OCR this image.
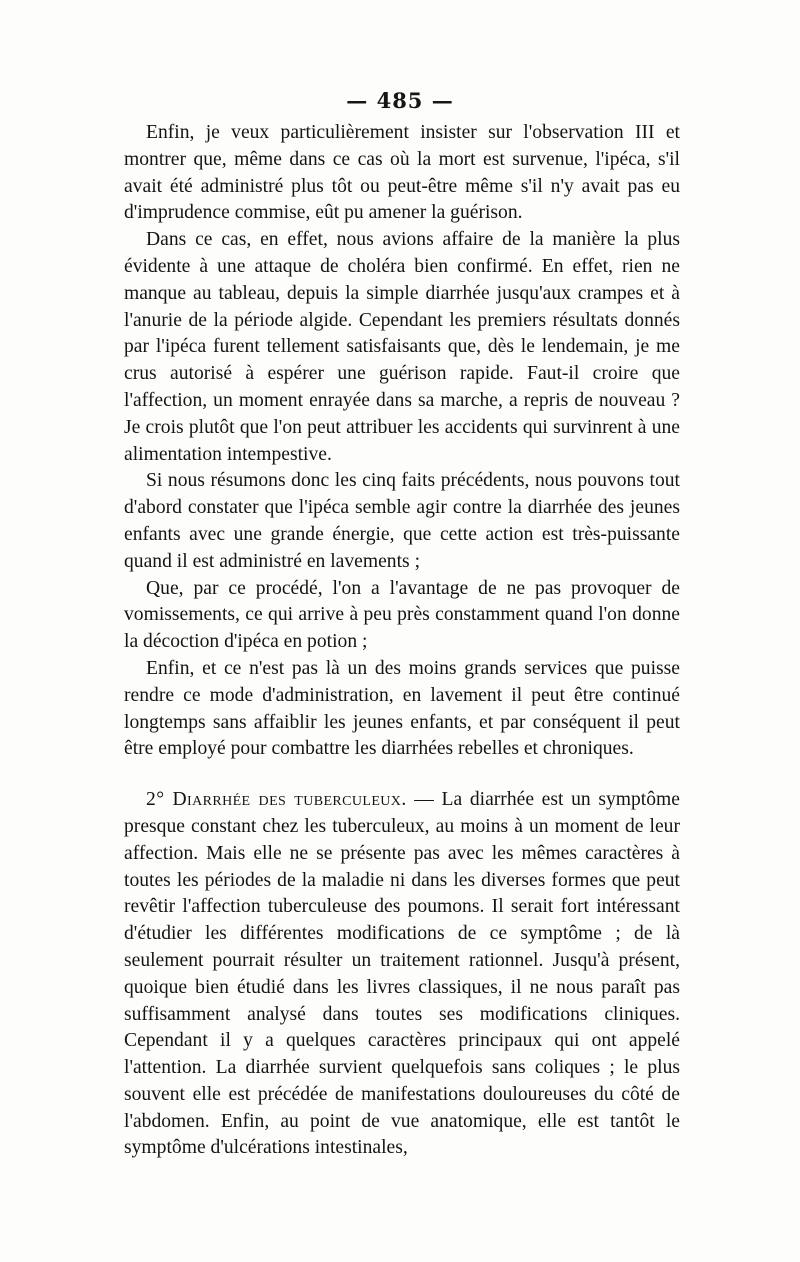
— 485 —

Enfin, je veux particulièrement insister sur l'observation III et montrer que, même dans ce cas où la mort est survenue, l'ipéca, s'il avait été administré plus tôt ou peut-être même s'il n'y avait pas eu d'imprudence commise, eût pu amener la guérison.

Dans ce cas, en effet, nous avions affaire de la manière la plus évidente à une attaque de choléra bien confirmé. En effet, rien ne manque au tableau, depuis la simple diarrhée jusqu'aux crampes et à l'anurie de la période algide. Cependant les premiers résultats donnés par l'ipéca furent tellement satisfaisants que, dès le lendemain, je me crus autorisé à espérer une guérison rapide. Faut-il croire que l'affection, un moment enrayée dans sa marche, a repris de nouveau ? Je crois plutôt que l'on peut attribuer les accidents qui survinrent à une alimentation intempestive.

Si nous résumons donc les cinq faits précédents, nous pouvons tout d'abord constater que l'ipéca semble agir contre la diarrhée des jeunes enfants avec une grande énergie, que cette action est très-puissante quand il est administré en lavements ;

Que, par ce procédé, l'on a l'avantage de ne pas provoquer de vomissements, ce qui arrive à peu près constamment quand l'on donne la décoction d'ipéca en potion ;

Enfin, et ce n'est pas là un des moins grands services que puisse rendre ce mode d'administration, en lavement il peut être continué longtemps sans affaiblir les jeunes enfants, et par conséquent il peut être employé pour combattre les diarrhées rebelles et chroniques.

2° Diarrhée des tuberculeux. — La diarrhée est un symptôme presque constant chez les tuberculeux, au moins à un moment de leur affection. Mais elle ne se présente pas avec les mêmes caractères à toutes les périodes de la maladie ni dans les diverses formes que peut revêtir l'affection tuberculeuse des poumons. Il serait fort intéressant d'étudier les différentes modifications de ce symptôme ; de là seulement pourrait résulter un traitement rationnel. Jusqu'à présent, quoique bien étudié dans les livres classiques, il ne nous paraît pas suffisamment analysé dans toutes ses modifications cliniques. Cependant il y a quelques caractères principaux qui ont appelé l'attention. La diarrhée survient quelquefois sans coliques ; le plus souvent elle est précédée de manifestations douloureuses du côté de l'abdomen. Enfin, au point de vue anatomique, elle est tantôt le symptôme d'ulcérations intestinales,
